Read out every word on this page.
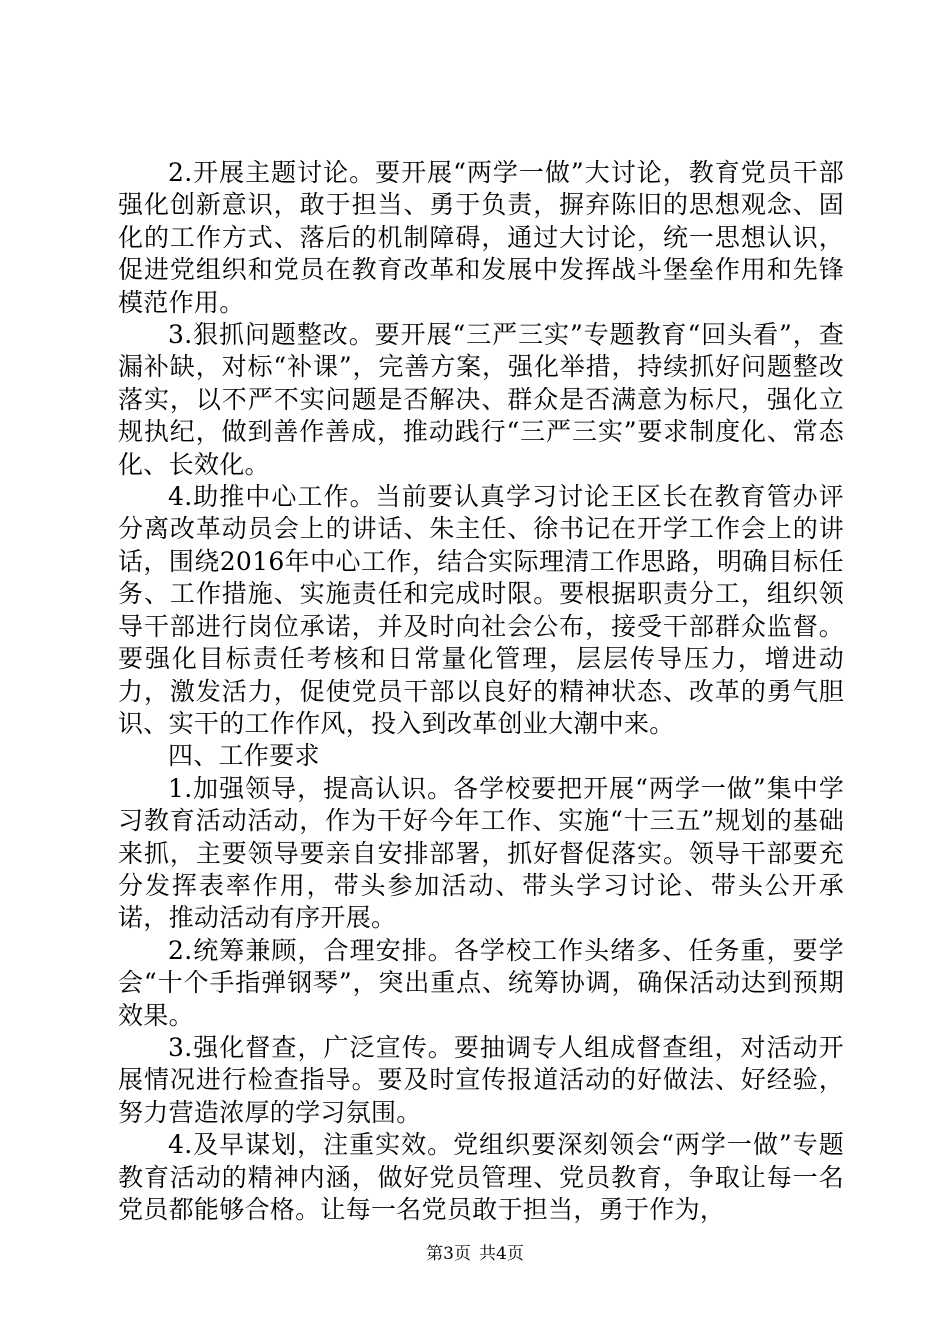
2.开展主题讨论。要开展“两学一做”大讨论，教育党员干部强化创新意识，敢于担当、勇于负责，摒弃陈旧的思想观念、固化的工作方式、落后的机制障碍，通过大讨论，统一思想认识，促进党组织和党员在教育改革和发展中发挥战斗堡垒作用和先锋模范作用。

3.狠抓问题整改。要开展“三严三实”专题教育“回头看”，查漏补缺，对标“补课”，完善方案，强化举措，持续抓好问题整改落实，以不严不实问题是否解决、群众是否满意为标尺，强化立规执纪，做到善作善成，推动践行“三严三实”要求制度化、常态化、长效化。

4.助推中心工作。当前要认真学习讨论王区长在教育管办评分离改革动员会上的讲话、朱主任、徐书记在开学工作会上的讲话，围绕2016年中心工作，结合实际理清工作思路，明确目标任务、工作措施、实施责任和完成时限。要根据职责分工，组织领导干部进行岗位承诺，并及时向社会公布，接受干部群众监督。要强化目标责任考核和日常量化管理，层层传导压力，增进动力，激发活力，促使党员干部以良好的精神状态、改革的勇气胆识、实干的工作作风，投入到改革创业大潮中来。

四、工作要求

1.加强领导，提高认识。各学校要把开展“两学一做”集中学习教育活动活动，作为干好今年工作、实施“十三五”规划的基础来抓，主要领导要亲自安排部署，抓好督促落实。领导干部要充分发挥表率作用，带头参加活动、带头学习讨论、带头公开承诺，推动活动有序开展。

2.统筹兼顾，合理安排。各学校工作头绪多、任务重，要学会“十个手指弹钢琴”，突出重点、统筹协调，确保活动达到预期效果。

3.强化督查，广泛宣传。要抽调专人组成督查组，对活动开展情况进行检查指导。要及时宣传报道活动的好做法、好经验，努力营造浓厚的学习氛围。

4.及早谋划，注重实效。党组织要深刻领会“两学一做”专题教育活动的精神内涵，做好党员管理、党员教育，争取让每一名党员都能够合格。让每一名党员敢于担当，勇于作为，

第3页 共4页
